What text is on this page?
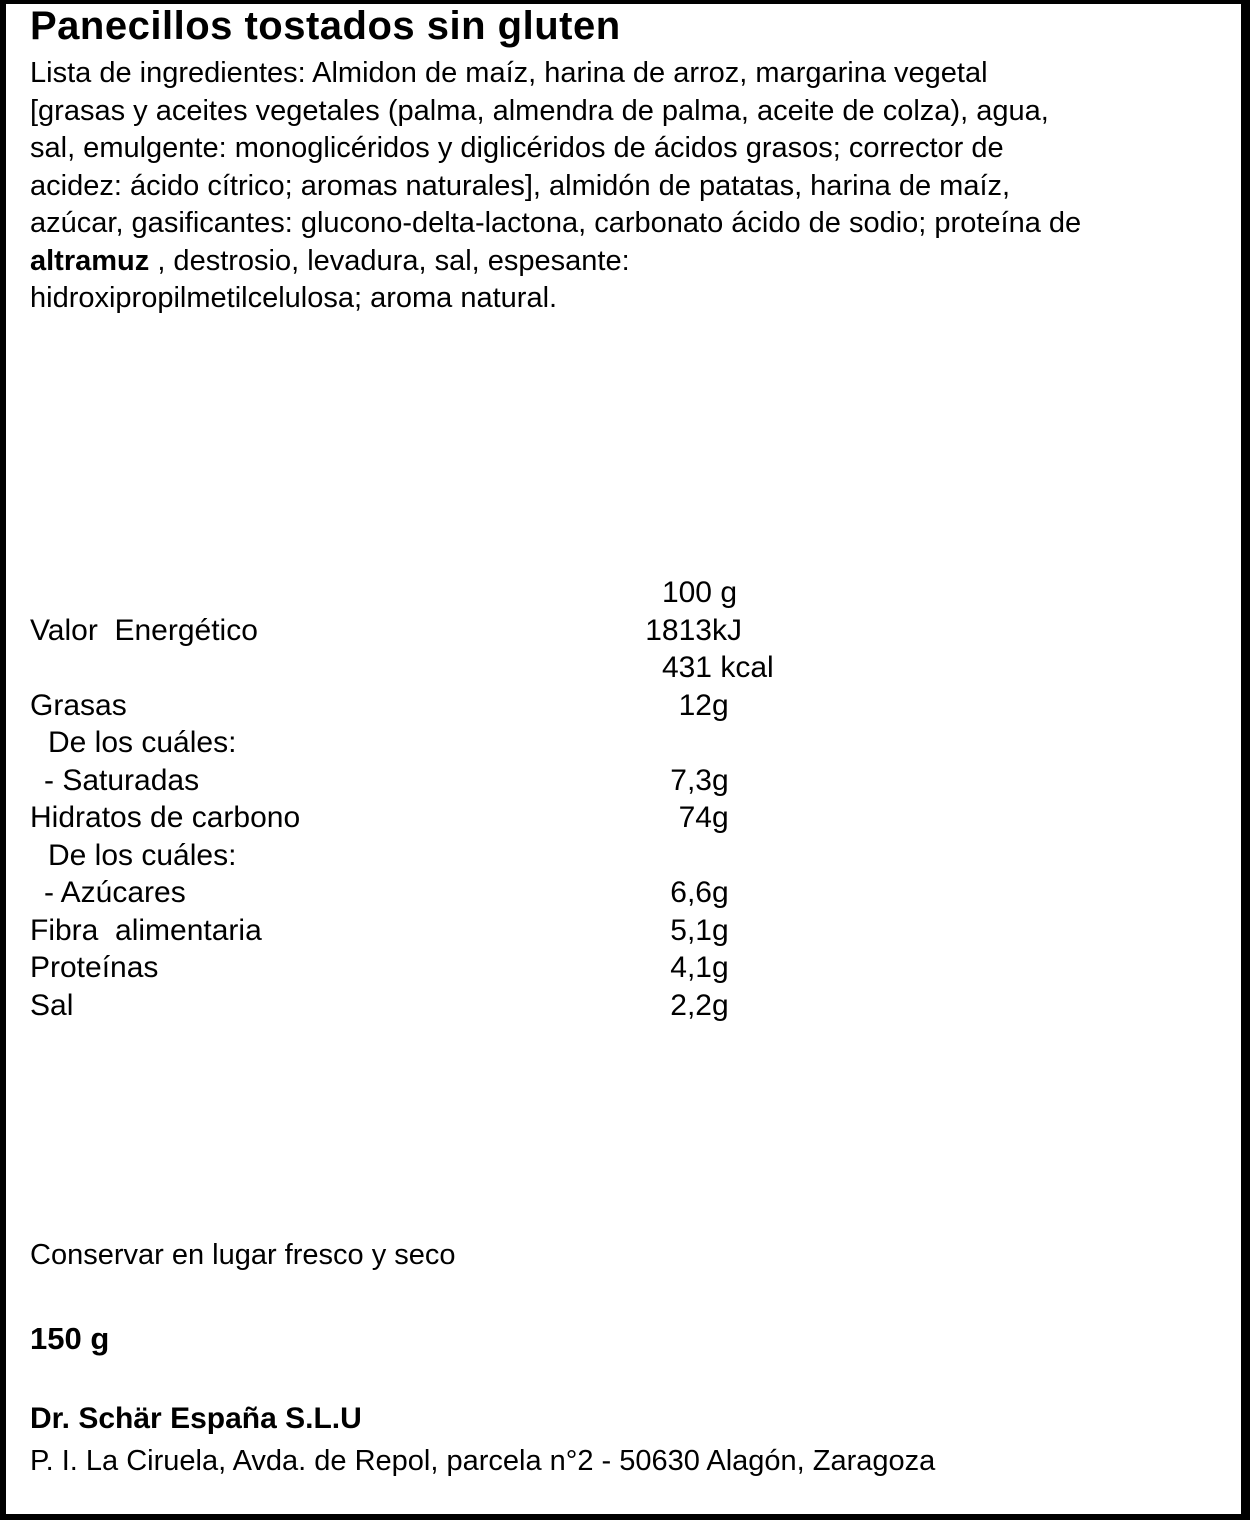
Panecillos tostados sin gluten
Lista de ingredientes: Almidon de maíz, harina de arroz, margarina vegetal
[grasas y aceites vegetales (palma, almendra de palma, aceite de colza), agua,
sal, emulgente: monoglicéridos y diglicéridos de ácidos grasos; corrector de
acidez: ácido cítrico; aromas naturales], almidón de patatas, harina de maíz,
azúcar, gasificantes: glucono-delta-lactona, carbonato ácido de sodio; proteína de
altramuz , destrosio, levadura, sal, espesante:
hidroxipropilmetilcelulosa; aroma natural.
100 g
Valor  Energético	1813 kJ
431 kcal
Grasas	12 g
De los cuáles:
- Saturadas	7,3 g
Hidratos de carbono	74 g
De los cuáles:
- Azúcares	6,6 g
Fibra  alimentaria	5,1 g
Proteínas	4,1 g
Sal	2,2 g
Conservar en lugar fresco y seco
150 g
Dr. Schär España S.L.U
P. I. La Ciruela, Avda. de Repol, parcela n°2 - 50630 Alagón, Zaragoza
